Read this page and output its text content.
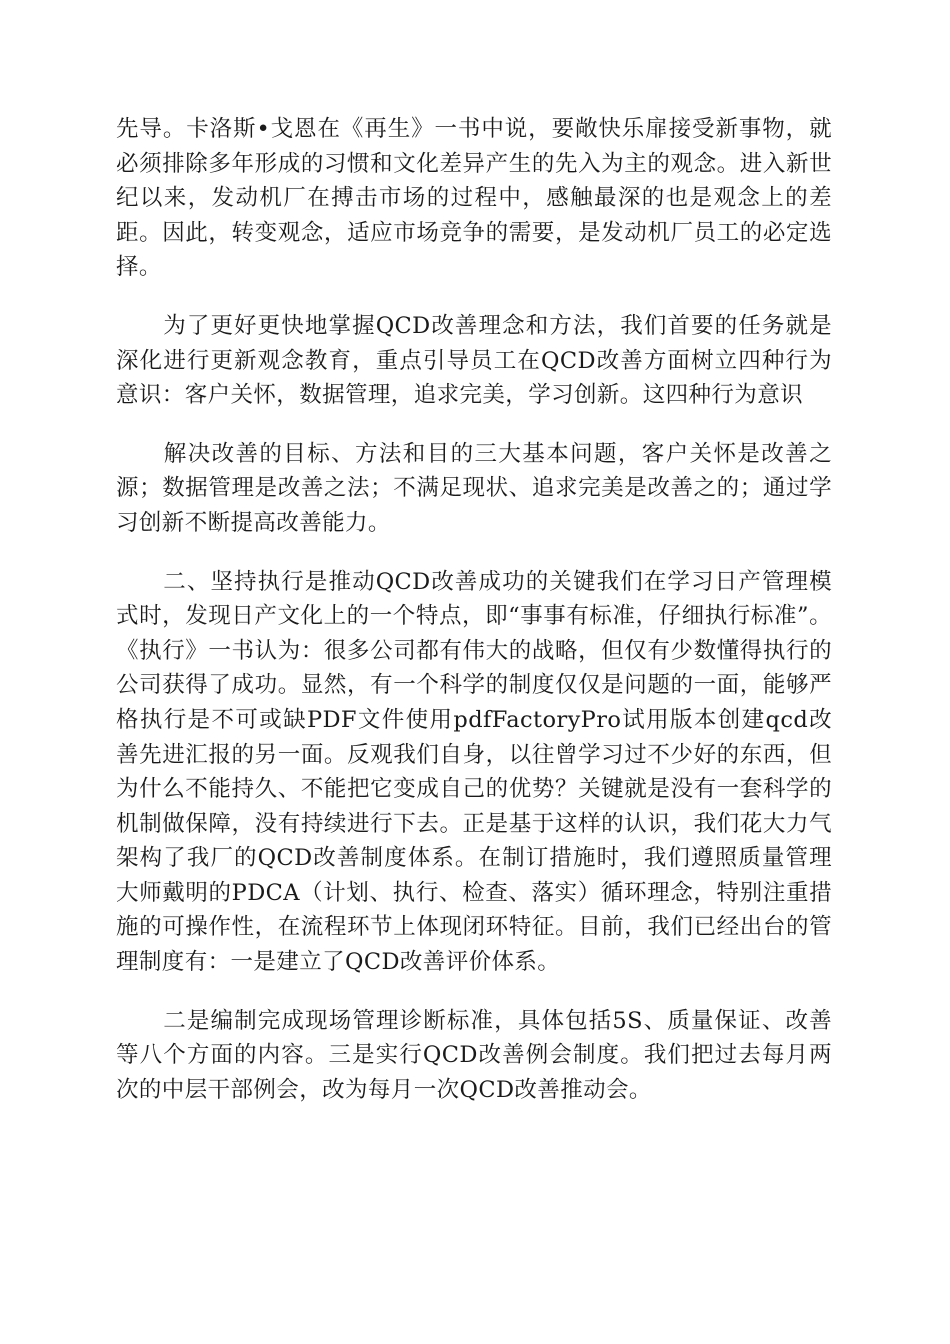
先导。卡洛斯•戈恩在《再生》一书中说，要敞快乐扉接受新事物，就必须排除多年形成的习惯和文化差异产生的先入为主的观念。进入新世纪以来，发动机厂在搏击市场的过程中，感触最深的也是观念上的差距。因此，转变观念，适应市场竞争的需要，是发动机厂员工的必定选择。

　　为了更好更快地掌握QCD改善理念和方法，我们首要的任务就是深化进行更新观念教育，重点引导员工在QCD改善方面树立四种行为意识：客户关怀，数据管理，追求完美，学习创新。这四种行为意识

　　解决改善的目标、方法和目的三大基本问题，客户关怀是改善之源；数据管理是改善之法；不满足现状、追求完美是改善之的；通过学习创新不断提高改善能力。

　　二、坚持执行是推动QCD改善成功的关键我们在学习日产管理模式时，发现日产文化上的一个特点，即“事事有标准，仔细执行标准”。《执行》一书认为：很多公司都有伟大的战略，但仅有少数懂得执行的公司获得了成功。显然，有一个科学的制度仅仅是问题的一面，能够严格执行是不可或缺PDF文件使用pdfFactoryPro试用版本创建qcd改善先进汇报的另一面。反观我们自身，以往曾学习过不少好的东西，但为什么不能持久、不能把它变成自己的优势？关键就是没有一套科学的机制做保障，没有持续进行下去。正是基于这样的认识，我们花大力气架构了我厂的QCD改善制度体系。在制订措施时，我们遵照质量管理大师戴明的PDCA（计划、执行、检查、落实）循环理念，特别注重措施的可操作性，在流程环节上体现闭环特征。目前，我们已经出台的管理制度有：一是建立了QCD改善评价体系。

　　二是编制完成现场管理诊断标准，具体包括5S、质量保证、改善等八个方面的内容。三是实行QCD改善例会制度。我们把过去每月两次的中层干部例会，改为每月一次QCD改善推动会。
